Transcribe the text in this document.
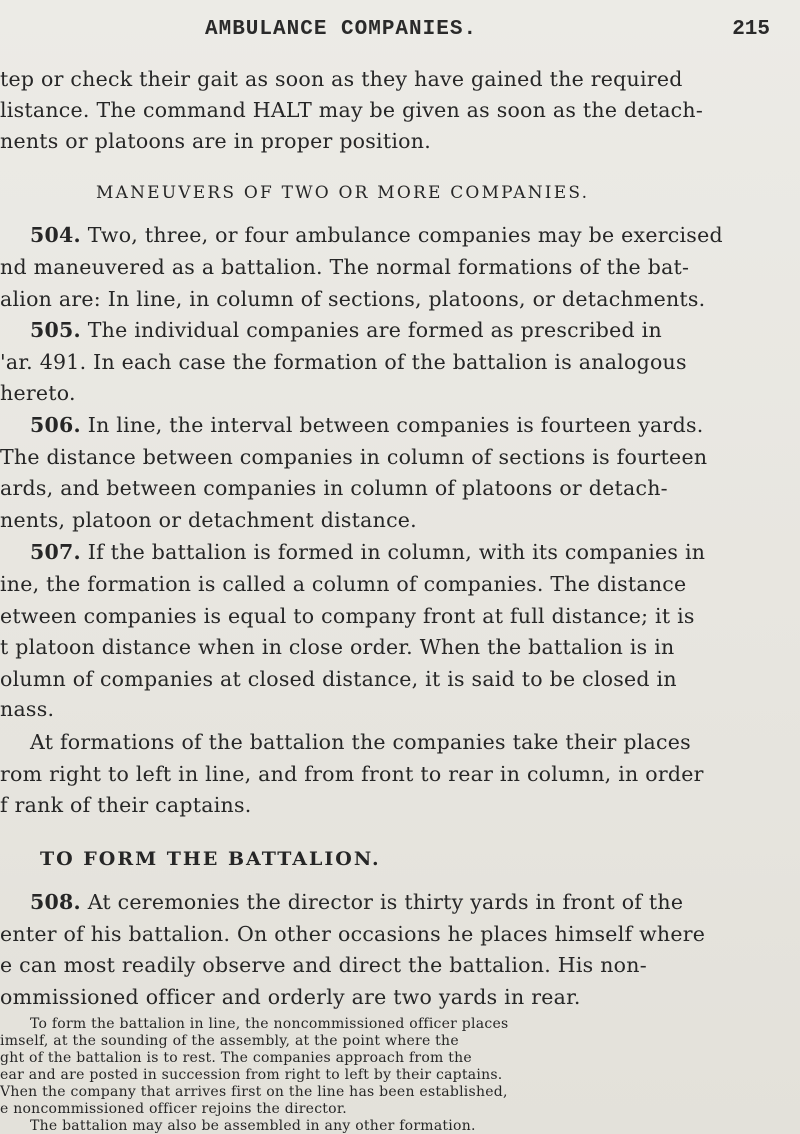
AMBULANCE COMPANIES.	215
tep or check their gait as soon as they have gained the required
listance. The command HALT may be given as soon as the detach-
nents or platoons are in proper position.
MANEUVERS OF TWO OR MORE COMPANIES.
504. Two, three, or four ambulance companies may be exercised
nd maneuvered as a battalion. The normal formations of the bat-
alion are: In line, in column of sections, platoons, or detachments.
505. The individual companies are formed as prescribed in
'ar. 491. In each case the formation of the battalion is analogous
hereto.
506. In line, the interval between companies is fourteen yards.
The distance between companies in column of sections is fourteen
ards, and between companies in column of platoons or detach-
nents, platoon or detachment distance.
507. If the battalion is formed in column, with its companies in
ine, the formation is called a column of companies. The distance
etween companies is equal to company front at full distance; it is
t platoon distance when in close order. When the battalion is in
olumn of companies at closed distance, it is said to be closed in
nass.
At formations of the battalion the companies take their places
rom right to left in line, and from front to rear in column, in order
f rank of their captains.
TO FORM THE BATTALION.
508. At ceremonies the director is thirty yards in front of the
enter of his battalion. On other occasions he places himself where
e can most readily observe and direct the battalion. His non-
ommissioned officer and orderly are two yards in rear.
To form the battalion in line, the noncommissioned officer places
imself, at the sounding of the assembly, at the point where the
ght of the battalion is to rest. The companies approach from the
ear and are posted in succession from right to left by their captains.
Vhen the company that arrives first on the line has been established,
e noncommissioned officer rejoins the director.
The battalion may also be assembled in any other formation.
